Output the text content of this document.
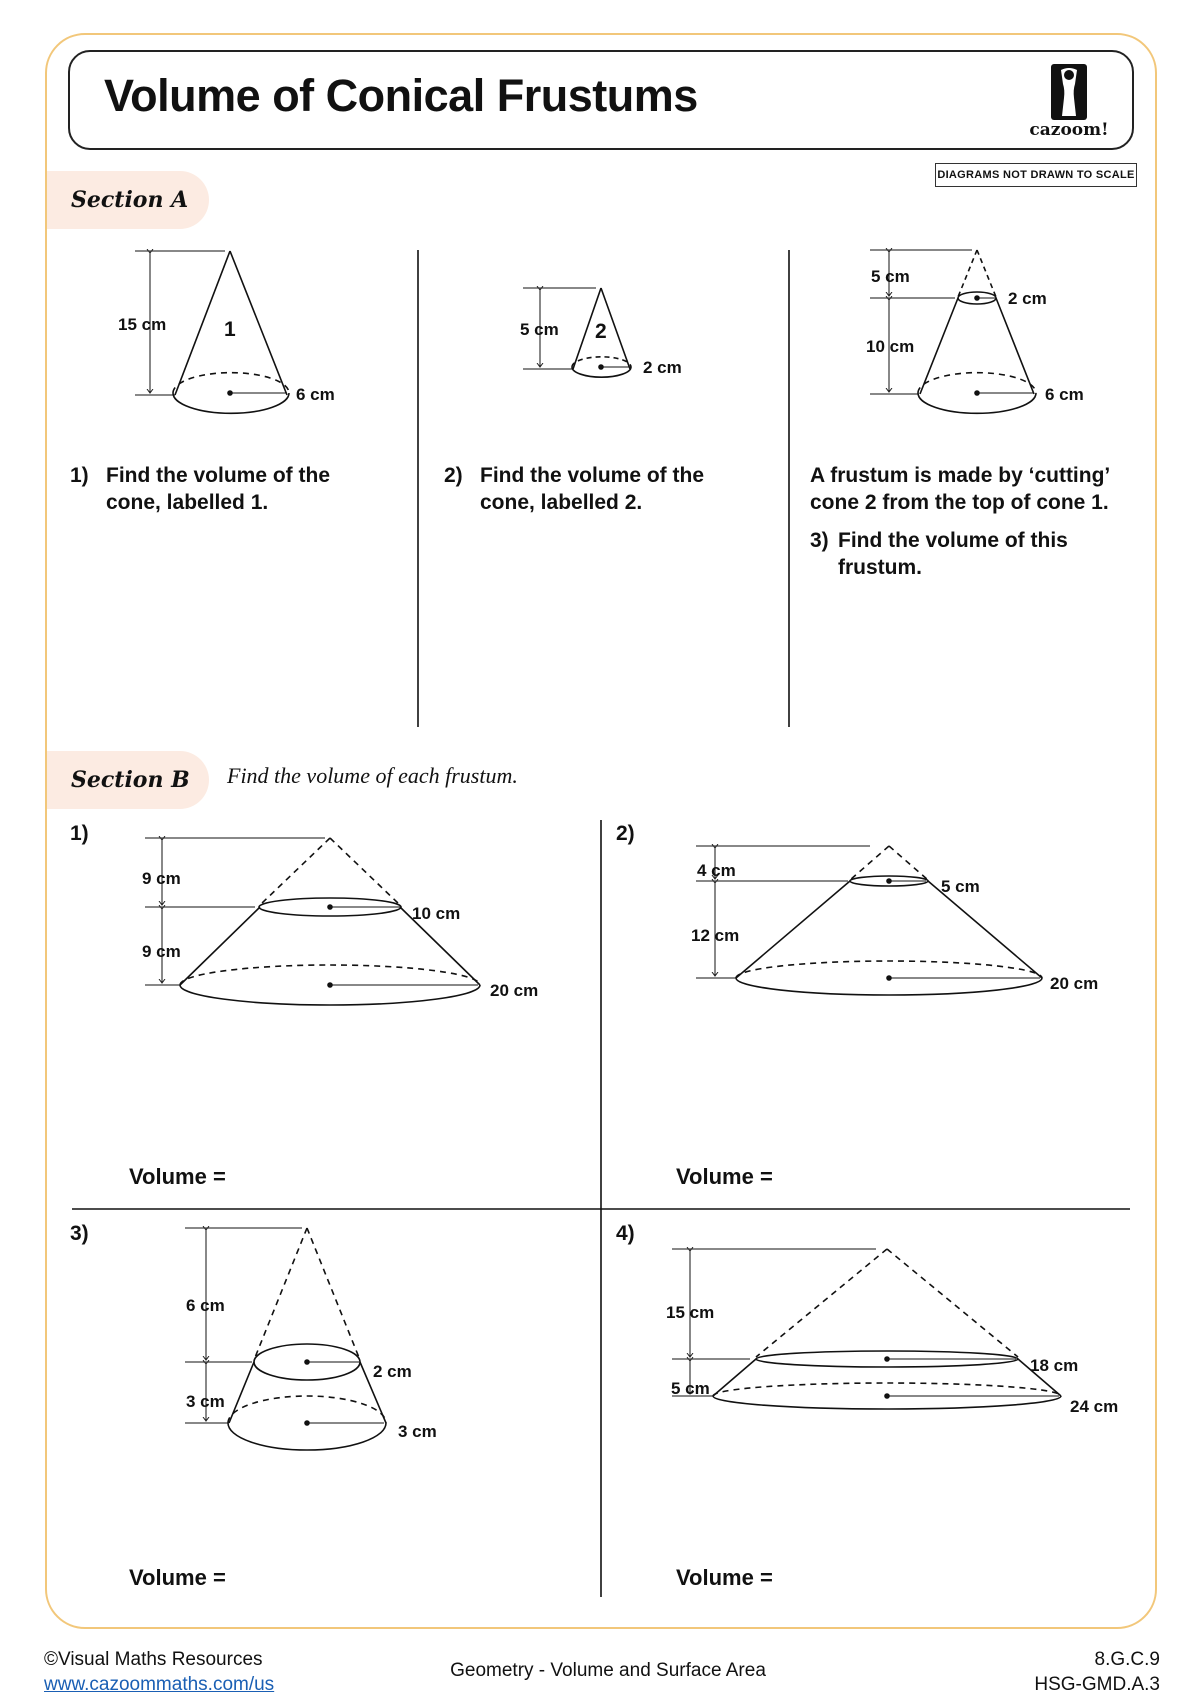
Volume of Conical Frustums
cazoom!
DIAGRAMS NOT DRAWN TO SCALE
Section A
Section B	Find the volume of each frustum.
15 cm	1
6 cm
5 cm 2
2 cm
5 cm
2 cm
10 cm
6 cm
9 cm
9 cm
10 cm
20 cm
4 cm
12 cm
5 cm
20 cm
6 cm
3 cm
2 cm
3 cm
15 cm
5 cm
18 cm
24 cm
1) Find the volume of the cone, labelled 1.
2) Find the volume of the cone, labelled 2.
A frustum is made by ‘cutting’ cone 2 from the top of cone 1.
3) Find the volume of this frustum.
1)	2)
3)	4)
Volume =	Volume =
Volume =	Volume =
©Visual Maths Resources
www.cazoommaths.com/us
Geometry - Volume and Surface Area
8.G.C.9
HSG-GMD.A.3
